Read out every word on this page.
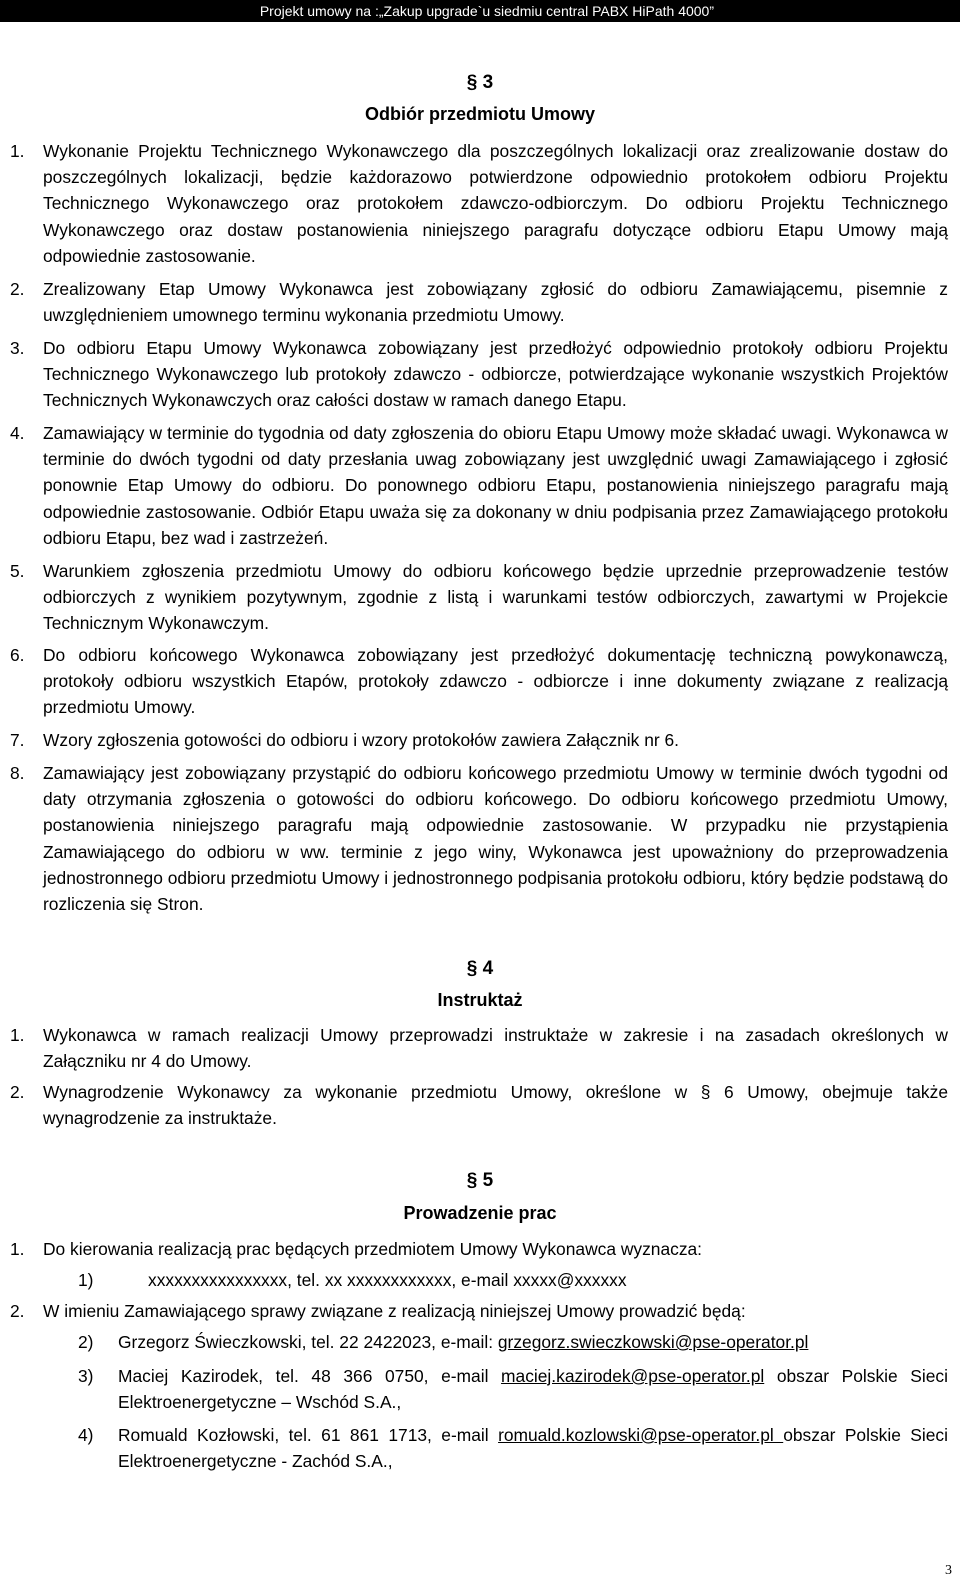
Projekt umowy na :„Zakup upgrade`u siedmiu central PABX HiPath 4000”
§ 3
Odbiór przedmiotu Umowy
1. Wykonanie Projektu Technicznego Wykonawczego dla poszczególnych lokalizacji oraz zrealizowanie dostaw do poszczególnych lokalizacji, będzie każdorazowo potwierdzone odpowiednio protokołem odbioru Projektu Technicznego Wykonawczego oraz protokołem zdawczo-odbiorczym. Do odbioru Projektu Technicznego Wykonawczego oraz dostaw postanowienia niniejszego paragrafu dotyczące odbioru Etapu Umowy mają odpowiednie zastosowanie.
2. Zrealizowany Etap Umowy Wykonawca jest zobowiązany zgłosić do odbioru Zamawiającemu, pisemnie z uwzględnieniem umownego terminu wykonania przedmiotu Umowy.
3. Do odbioru Etapu Umowy Wykonawca zobowiązany jest przedłożyć odpowiednio protokoły odbioru Projektu Technicznego Wykonawczego lub protokoły zdawczo - odbiorcze, potwierdzające wykonanie wszystkich Projektów Technicznych Wykonawczych oraz całości dostaw w ramach danego Etapu.
4. Zamawiający w terminie do tygodnia od daty zgłoszenia do obioru Etapu Umowy może składać uwagi. Wykonawca w terminie do dwóch tygodni od daty przesłania uwag zobowiązany jest uwzględnić uwagi Zamawiającego i zgłosić ponownie Etap Umowy do odbioru. Do ponownego odbioru Etapu, postanowienia niniejszego paragrafu mają odpowiednie zastosowanie. Odbiór Etapu uważa się za dokonany w dniu podpisania przez Zamawiającego protokołu odbioru Etapu, bez wad i zastrzeżeń.
5. Warunkiem zgłoszenia przedmiotu Umowy do odbioru końcowego będzie uprzednie przeprowadzenie testów odbiorczych z wynikiem pozytywnym, zgodnie z listą i warunkami testów odbiorczych, zawartymi w Projekcie Technicznym Wykonawczym.
6. Do odbioru końcowego Wykonawca zobowiązany jest przedłożyć dokumentację techniczną powykonawczą, protokoły odbioru wszystkich Etapów, protokoły zdawczo - odbiorcze i inne dokumenty związane z realizacją przedmiotu Umowy.
7. Wzory zgłoszenia gotowości do odbioru i wzory protokołów zawiera Załącznik nr 6.
8. Zamawiający jest zobowiązany przystąpić do odbioru końcowego przedmiotu Umowy w terminie dwóch tygodni od daty otrzymania zgłoszenia o gotowości do odbioru końcowego. Do odbioru końcowego przedmiotu Umowy, postanowienia niniejszego paragrafu mają odpowiednie zastosowanie. W przypadku nie przystąpienia Zamawiającego do odbioru w ww. terminie z jego winy, Wykonawca jest upoważniony do przeprowadzenia jednostronnego odbioru przedmiotu Umowy i jednostronnego podpisania protokołu odbioru, który będzie podstawą do rozliczenia się Stron.
§ 4
Instruktaż
1. Wykonawca w ramach realizacji Umowy przeprowadzi instruktaże w zakresie i na zasadach określonych w Załączniku nr 4 do Umowy.
2. Wynagrodzenie Wykonawcy za wykonanie przedmiotu Umowy, określone w § 6 Umowy, obejmuje także wynagrodzenie za instruktaże.
§ 5
Prowadzenie prac
1. Do kierowania realizacją prac będących przedmiotem Umowy Wykonawca wyznacza:
1)	xxxxxxxxxxxxxxxx, tel. xx xxxxxxxxxxxx, e-mail xxxxx@xxxxxx
2. W imieniu Zamawiającego sprawy związane z realizacją niniejszej Umowy prowadzić będą:
2) Grzegorz Świeczkowski, tel. 22 2422023, e-mail: grzegorz.swieczkowski@pse-operator.pl
3) Maciej Kazirodek, tel. 48 366 0750, e-mail maciej.kazirodek@pse-operator.pl obszar Polskie Sieci Elektroenergetyczne – Wschód S.A.,
4) Romuald Kozłowski, tel. 61 861 1713, e-mail romuald.kozlowski@pse-operator.pl obszar Polskie Sieci Elektroenergetyczne - Zachód S.A.,
3
